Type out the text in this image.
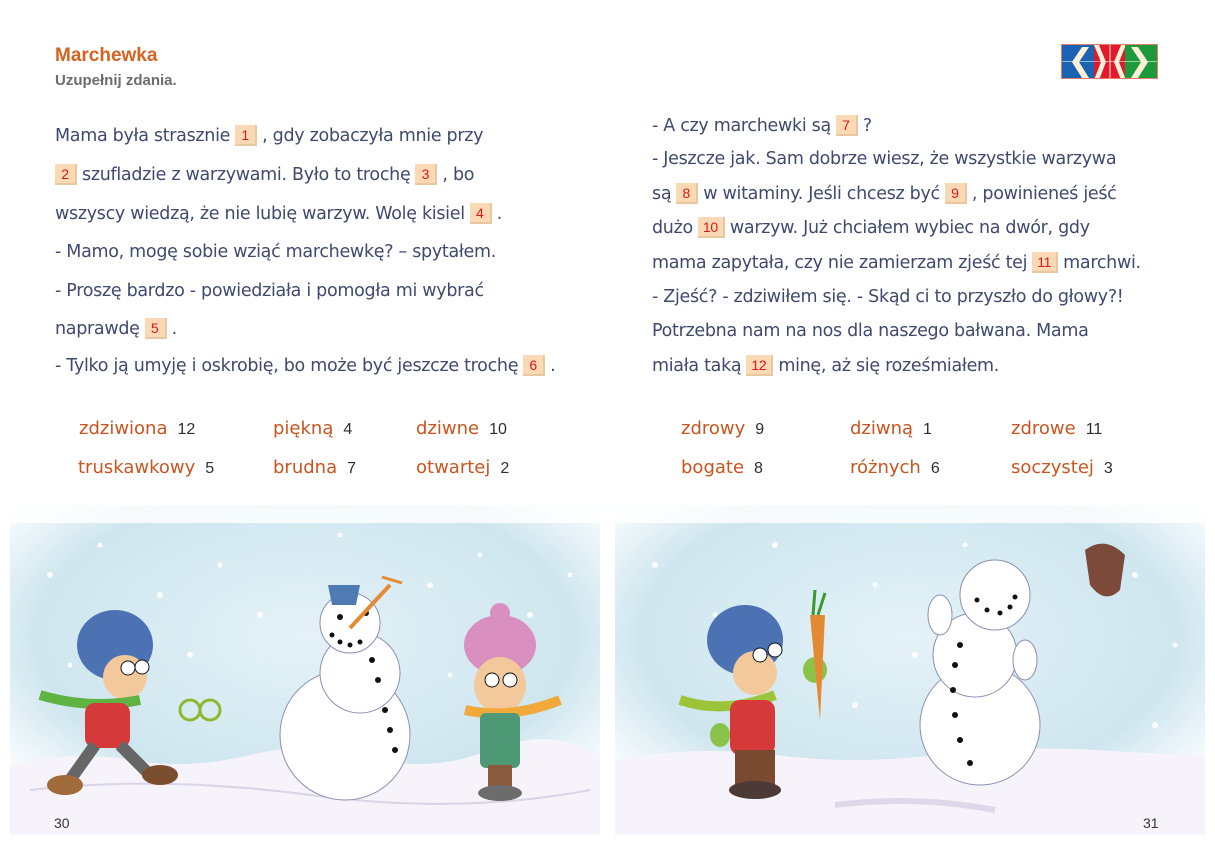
Marchewka
Uzupełnij zdania.
Mama była strasznie 1 , gdy zobaczyła mnie przy
2 szufladzie z warzywami. Było to trochę 3 , bo
wszyscy wiedzą, że nie lubię warzyw. Wolę kisiel 4 .
- Mamo, mogę sobie wziąć marchewkę? – spytałem.
- Proszę bardzo - powiedziała i pomogła mi wybrać
naprawdę 5 .
- Tylko ją umyję i oskrobię, bo może być jeszcze trochę 6 .
zdziwiona 12	piękną 4	dziwne 10
truskawkowy 5	brudna 7	otwartej 2
30
- A czy marchewki są 7 ?
- Jeszcze jak. Sam dobrze wiesz, że wszystkie warzywa
są 8 w witaminy. Jeśli chcesz być 9 , powinieneś jeść
dużo 10 warzyw. Już chciałem wybiec na dwór, gdy
mama zapytała, czy nie zamierzam zjeść tej 11 marchwi.
- Zjeść? - zdziwiłem się. - Skąd ci to przyszło do głowy?!
Potrzebna nam na nos dla naszego bałwana. Mama
miała taką 12 minę, aż się roześmiałem.
zdrowy 9	dziwną 1	zdrowe 11
bogate 8	różnych 6	soczystej 3
31
